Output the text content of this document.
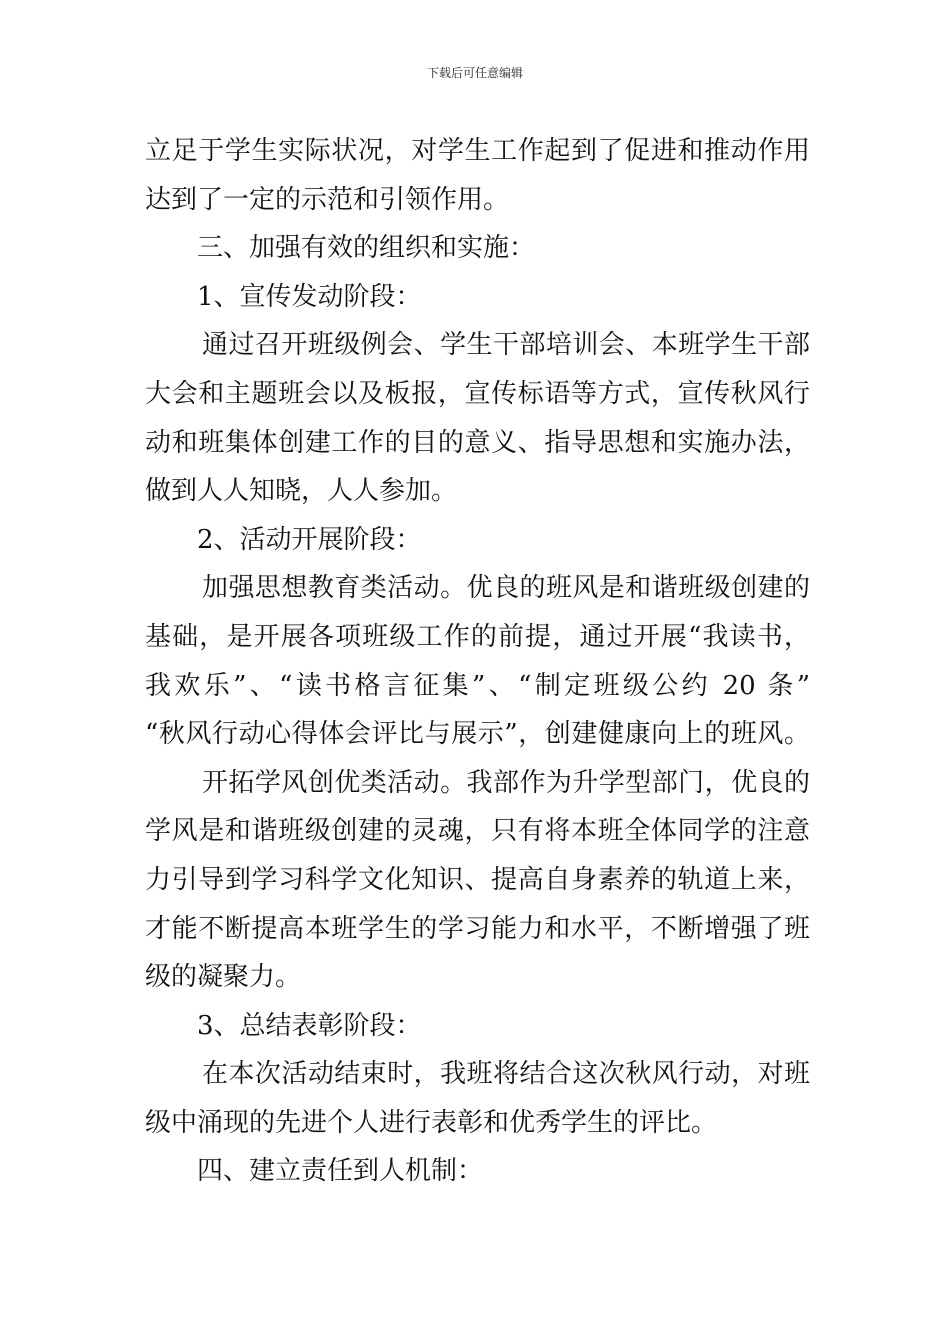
下载后可任意编辑
立足于学生实际状况，对学生工作起到了促进和推动作用
达到了一定的示范和引领作用。
三、加强有效的组织和实施：
1、宣传发动阶段：
通过召开班级例会、学生干部培训会、本班学生干部
大会和主题班会以及板报，宣传标语等方式，宣传秋风行
动和班集体创建工作的目的意义、指导思想和实施办法，
做到人人知晓，人人参加。
2、活动开展阶段：
加强思想教育类活动。优良的班风是和谐班级创建的
基础，是开展各项班级工作的前提，通过开展“我读书，
我欢乐”、“读书格言征集”、“制定班级公约 20 条”
“秋风行动心得体会评比与展示”，创建健康向上的班风。
开拓学风创优类活动。我部作为升学型部门，优良的
学风是和谐班级创建的灵魂，只有将本班全体同学的注意
力引导到学习科学文化知识、提高自身素养的轨道上来，
才能不断提高本班学生的学习能力和水平，不断增强了班
级的凝聚力。
3、总结表彰阶段：
在本次活动结束时，我班将结合这次秋风行动，对班
级中涌现的先进个人进行表彰和优秀学生的评比。
四、建立责任到人机制：
